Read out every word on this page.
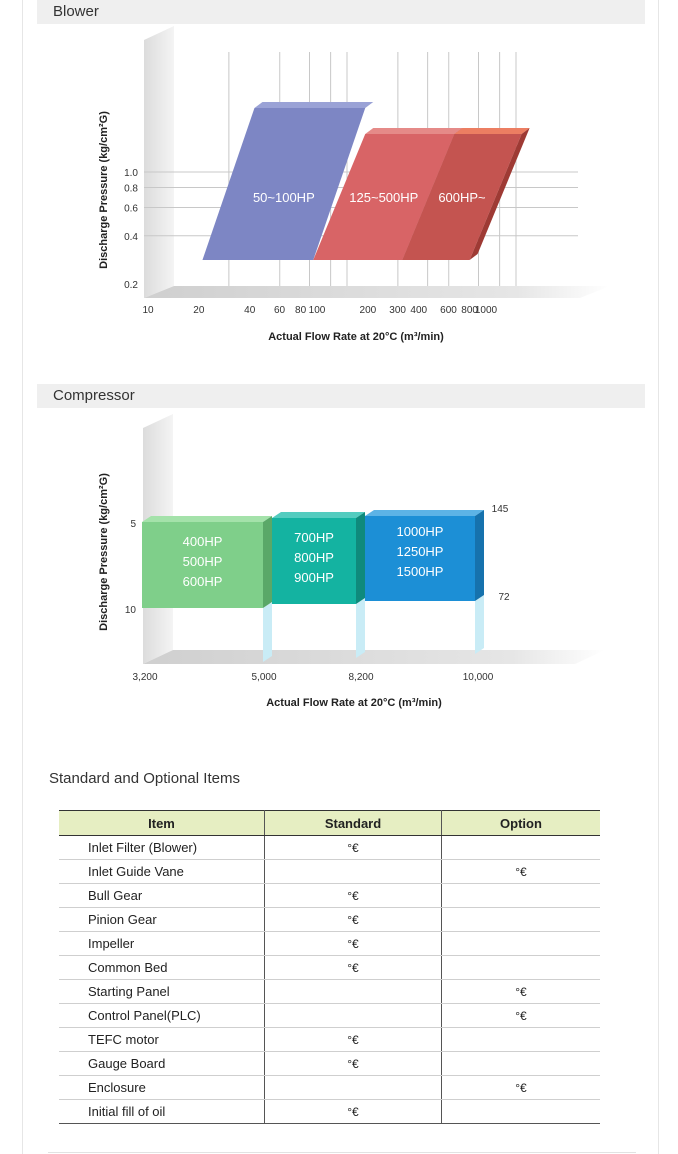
Blower
50~100HP	125~500HP 600HP~
0.2
0.4
0.6
0.8
1.0
10	20	40 60 80 100	200 300 400 600 800
1000
Actual Flow Rate at 20°C (m³/min)
Discharge Pressure (kg/cm²G)
Compressor
400HP
500HP
600HP
700HP
800HP
900HP
1000HP
1250HP
1500HP
10
5
3,200	5,000	8,200	10,000
145
72
Actual Flow Rate at 20°C (m³/min)
Discharge Pressure (kg/cm²G)
Standard and Optional Items
Item	Standard	Option
Inlet Filter (Blower)	°€	
Inlet Guide Vane		°€
Bull Gear	°€	
Pinion Gear	°€	
Impeller	°€	
Common Bed	°€	
Starting Panel		°€
Control Panel(PLC)		°€
TEFC motor	°€	
Gauge Board	°€	
Enclosure		°€
Initial fill of oil	°€	
